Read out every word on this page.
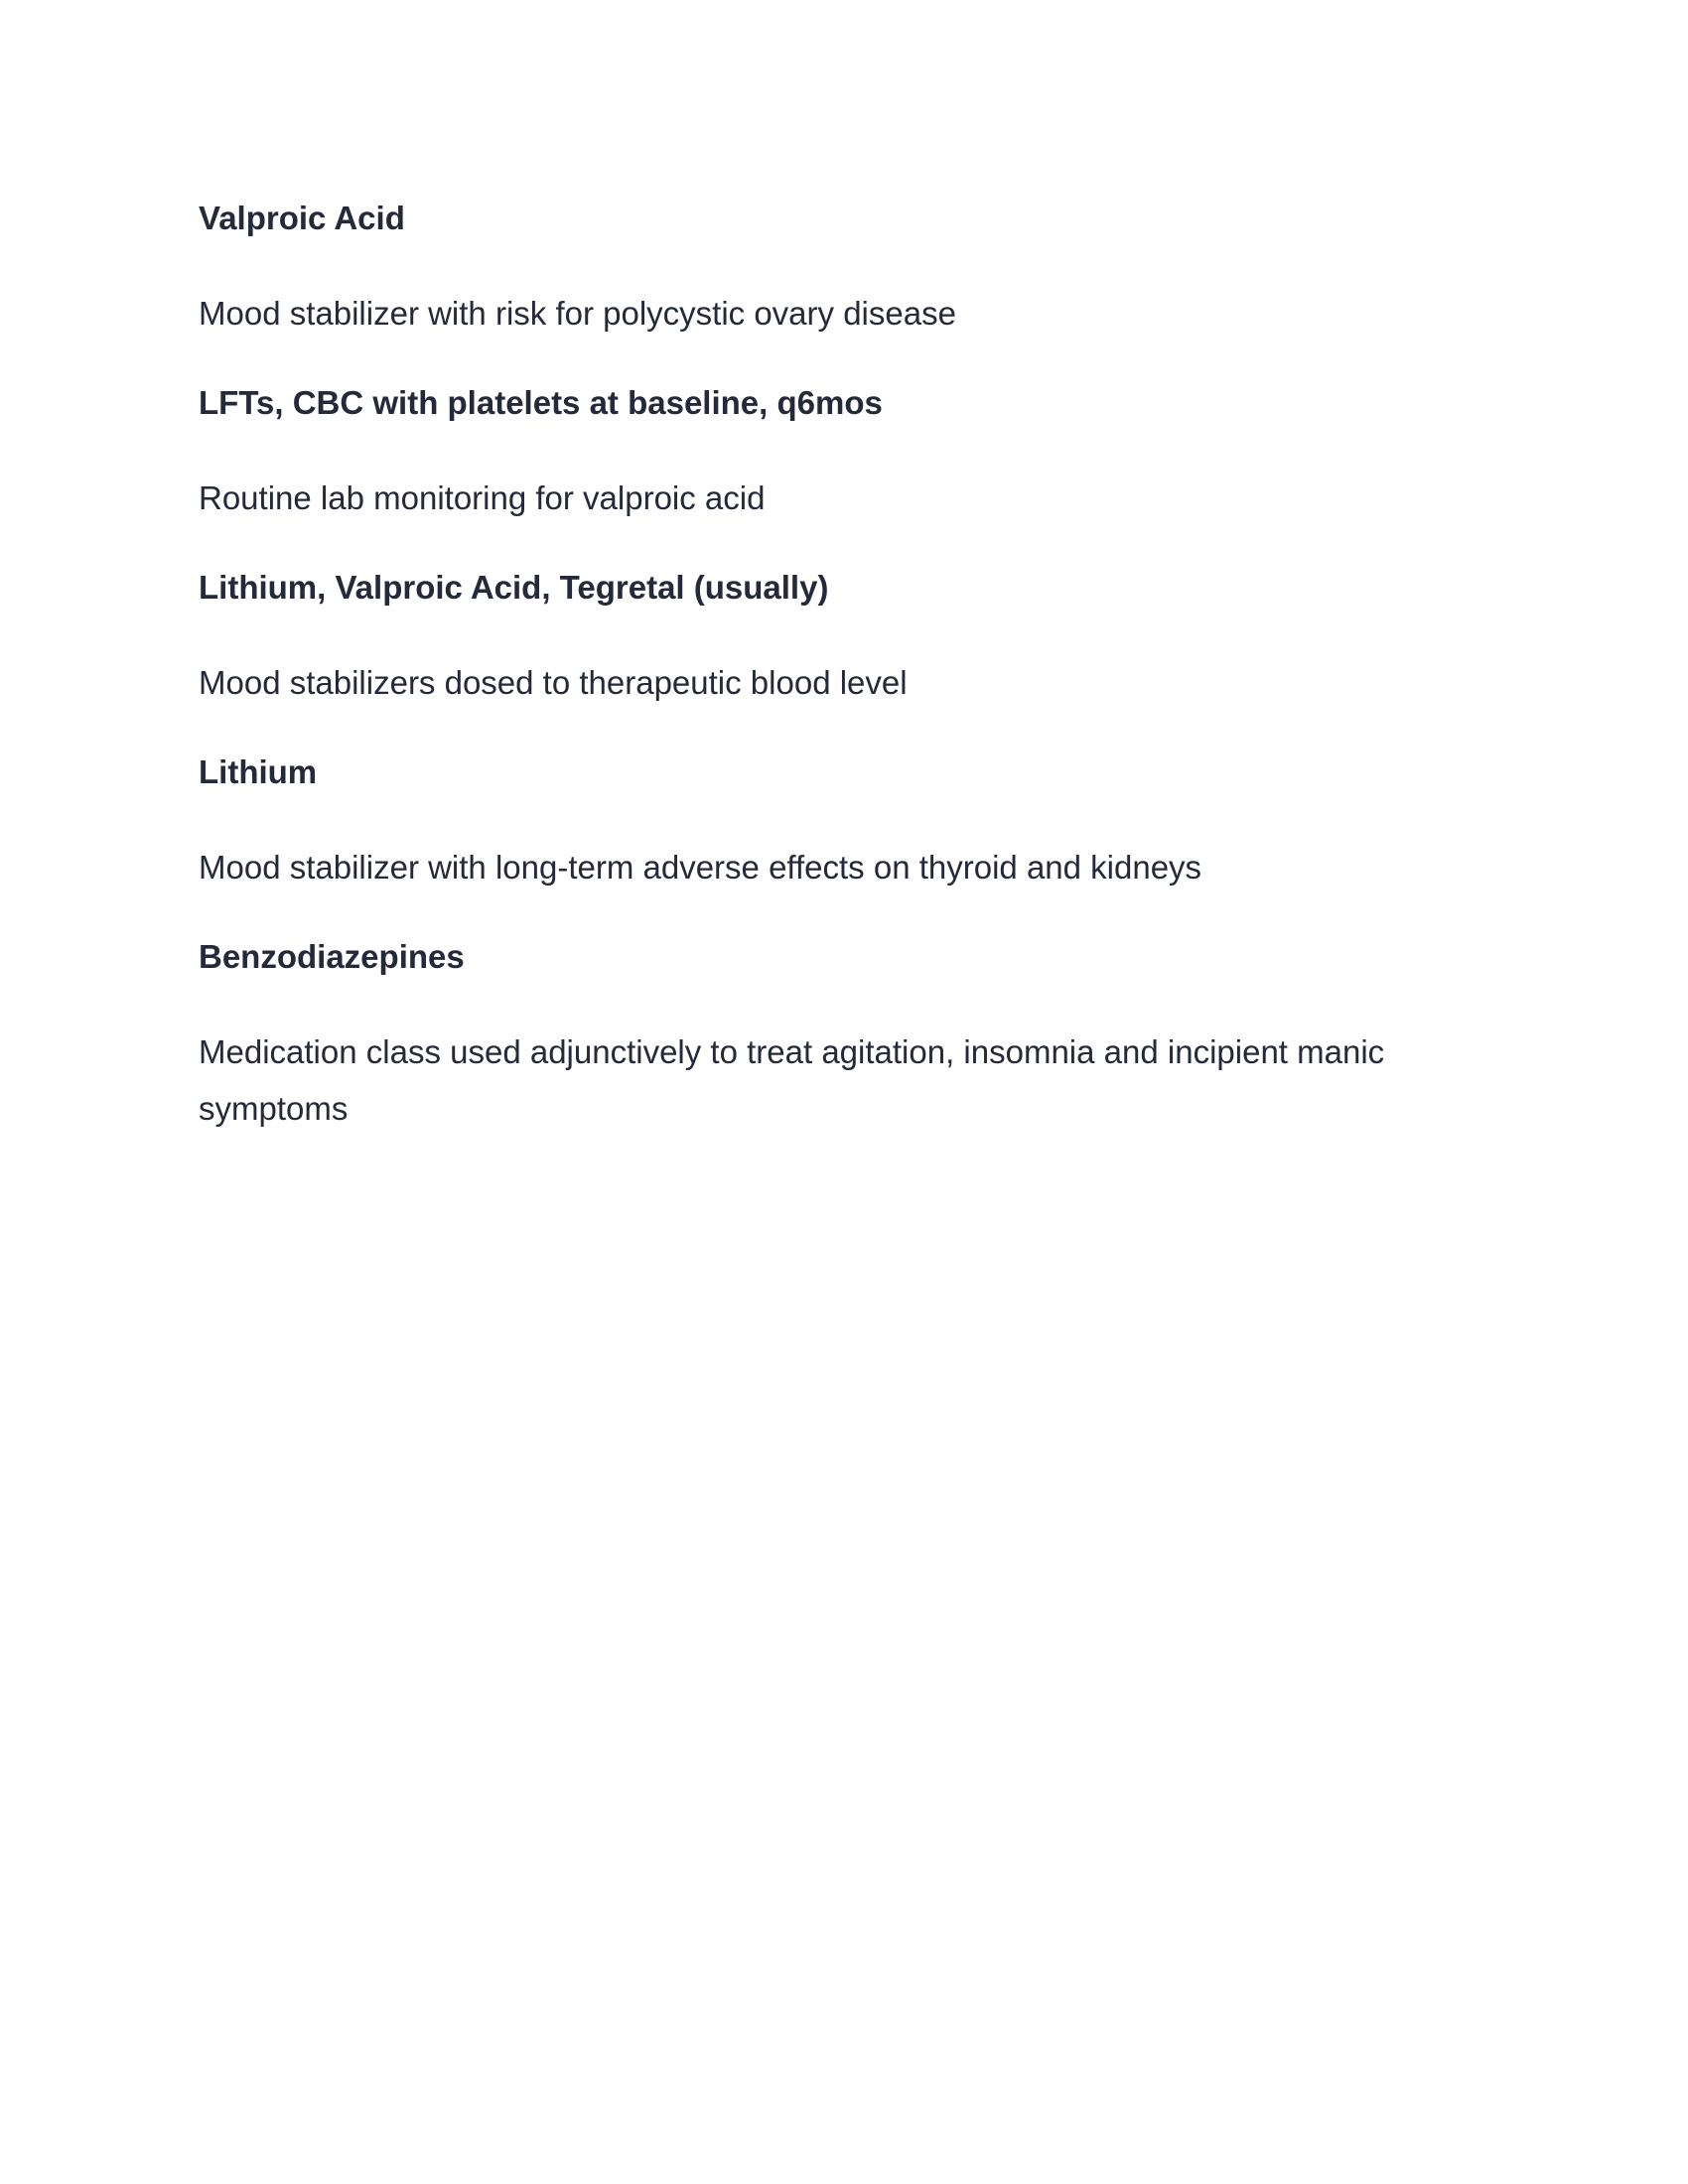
Valproic Acid

Mood stabilizer with risk for polycystic ovary disease

LFTs, CBC with platelets at baseline, q6mos

Routine lab monitoring for valproic acid

Lithium, Valproic Acid, Tegretal (usually)

Mood stabilizers dosed to therapeutic blood level

Lithium

Mood stabilizer with long-term adverse effects on thyroid and kidneys

Benzodiazepines

Medication class used adjunctively to treat agitation, insomnia and incipient manic symptoms
